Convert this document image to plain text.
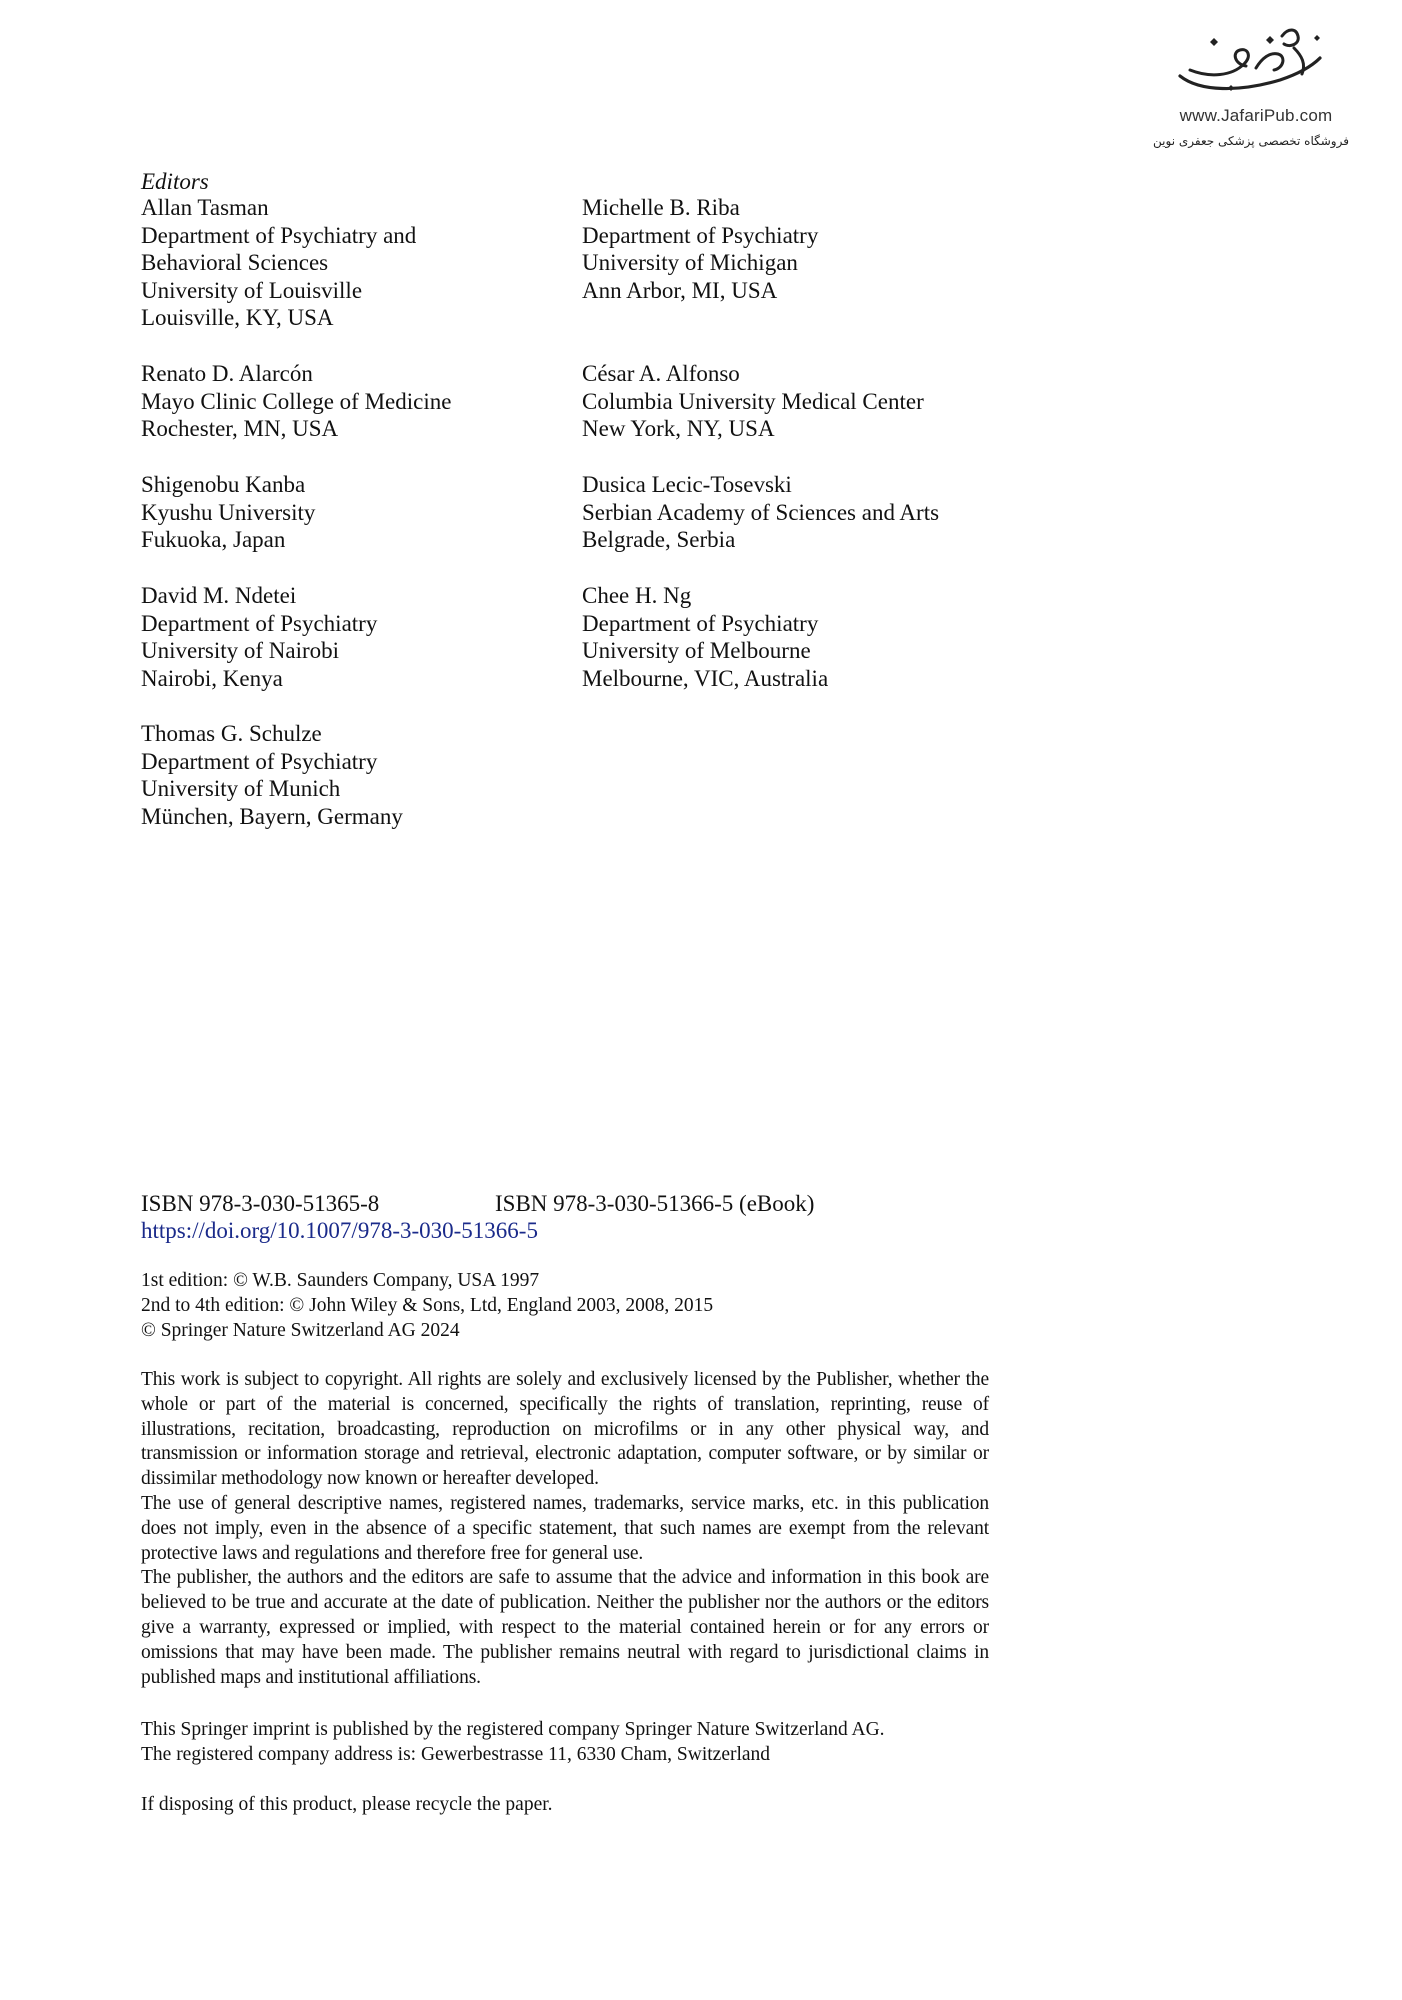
www.JafariPub.com
فروشگاه تخصصی پزشکی جعفری نوین
Editors
Allan Tasman
Department of Psychiatry and
Behavioral Sciences
University of Louisville
Louisville, KY, USA
Michelle B. Riba
Department of Psychiatry
University of Michigan
Ann Arbor, MI, USA
Renato D. Alarcón
Mayo Clinic College of Medicine
Rochester, MN, USA
César A. Alfonso
Columbia University Medical Center
New York, NY, USA
Shigenobu Kanba
Kyushu University
Fukuoka, Japan
Dusica Lecic-Tosevski
Serbian Academy of Sciences and Arts
Belgrade, Serbia
David M. Ndetei
Department of Psychiatry
University of Nairobi
Nairobi, Kenya
Chee H. Ng
Department of Psychiatry
University of Melbourne
Melbourne, VIC, Australia
Thomas G. Schulze
Department of Psychiatry
University of Munich
München, Bayern, Germany
ISBN 978-3-030-51365-8	ISBN 978-3-030-51366-5 (eBook)
https://doi.org/10.1007/978-3-030-51366-5
1st edition: © W.B. Saunders Company, USA 1997
2nd to 4th edition: © John Wiley & Sons, Ltd, England 2003, 2008, 2015
© Springer Nature Switzerland AG 2024

This work is subject to copyright. All rights are solely and exclusively licensed by the Publisher, whether the whole or part of the material is concerned, specifically the rights of translation, reprinting, reuse of illustrations, recitation, broadcasting, reproduction on microfilms or in any other physical way, and transmission or information storage and retrieval, electronic adaptation, computer software, or by similar or dissimilar methodology now known or hereafter developed.

The use of general descriptive names, registered names, trademarks, service marks, etc. in this publication does not imply, even in the absence of a specific statement, that such names are exempt from the relevant protective laws and regulations and therefore free for general use.

The publisher, the authors and the editors are safe to assume that the advice and information in this book are believed to be true and accurate at the date of publication. Neither the publisher nor the authors or the editors give a warranty, expressed or implied, with respect to the material contained herein or for any errors or omissions that may have been made. The publisher remains neutral with regard to jurisdictional claims in published maps and institutional affiliations.

This Springer imprint is published by the registered company Springer Nature Switzerland AG.
The registered company address is: Gewerbestrasse 11, 6330 Cham, Switzerland
If disposing of this product, please recycle the paper.
